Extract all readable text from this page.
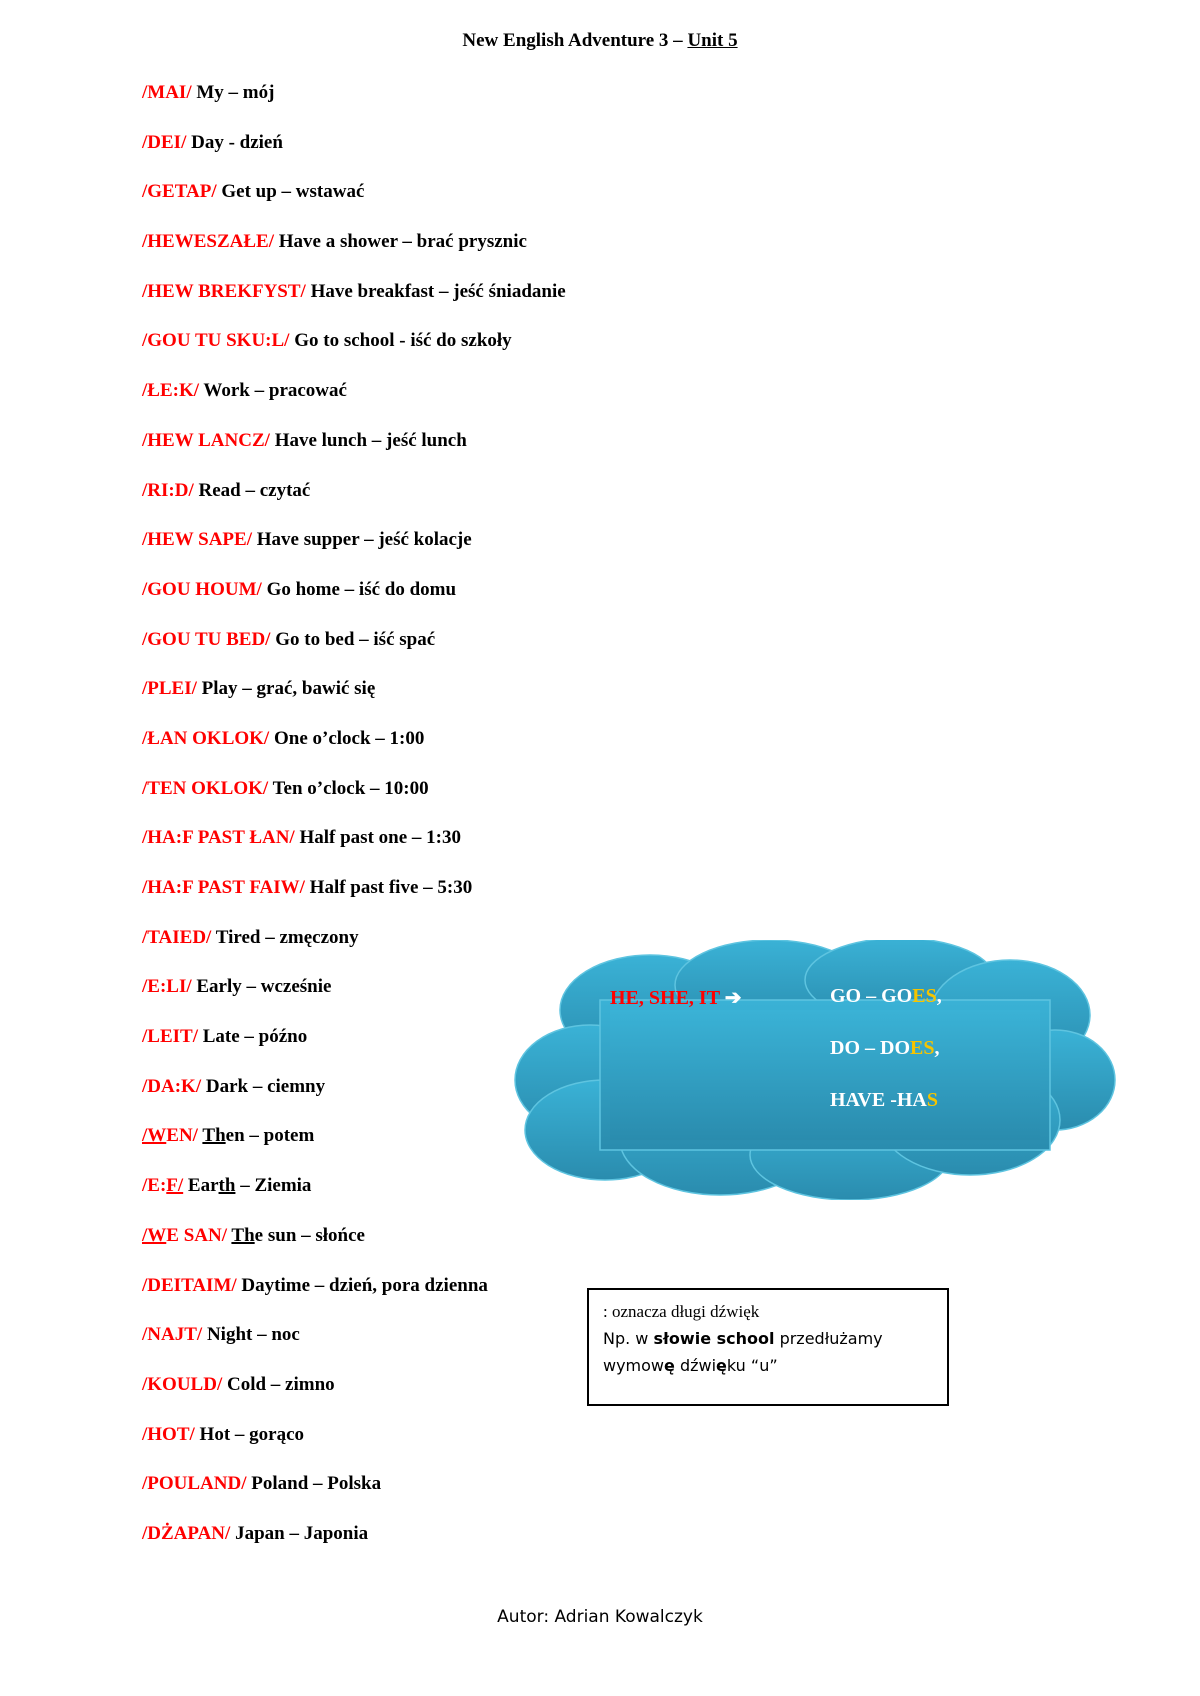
New English Adventure 3 – Unit 5
/MAI/ My – mój
/DEI/ Day - dzień
/GETAP/ Get up – wstawać
/HEWESZAŁE/ Have a shower – brać prysznic
/HEW BREKFYST/ Have breakfast – jeść śniadanie
/GOU TU SKU:L/ Go to school - iść do szkoły
/ŁE:K/ Work – pracować
/HEW LANCZ/ Have lunch – jeść lunch
/RI:D/ Read – czytać
/HEW SAPE/ Have supper – jeść kolacje
/GOU HOUM/ Go home – iść do domu
/GOU TU BED/ Go to bed – iść spać
/PLEI/ Play – grać, bawić się
/ŁAN OKLOK/ One o’clock – 1:00
/TEN OKLOK/ Ten o’clock – 10:00
/HA:F PAST ŁAN/ Half past one – 1:30
/HA:F PAST FAIW/ Half past five – 5:30
/TAIED/ Tired – zmęczony
/E:LI/ Early – wcześnie
/LEIT/ Late – późno
/DA:K/ Dark – ciemny
/WEN/ Then – potem
/E:F/ Earth – Ziemia
/WE SAN/ The sun – słońce
/DEITAIM/ Daytime – dzień, pora dzienna
/NAJT/ Night – noc
/KOULD/ Cold – zimno
/HOT/ Hot – gorąco
/POULAND/ Poland – Polska
/DŻAPAN/ Japan – Japonia
HE, SHE, IT ➔	GO – GOES,
DO – DOES,
HAVE -HAS
: oznacza długi dźwięk
Np. w słowie school przedłużamy
wymowę dźwięku “u”
Autor: Adrian Kowalczyk
